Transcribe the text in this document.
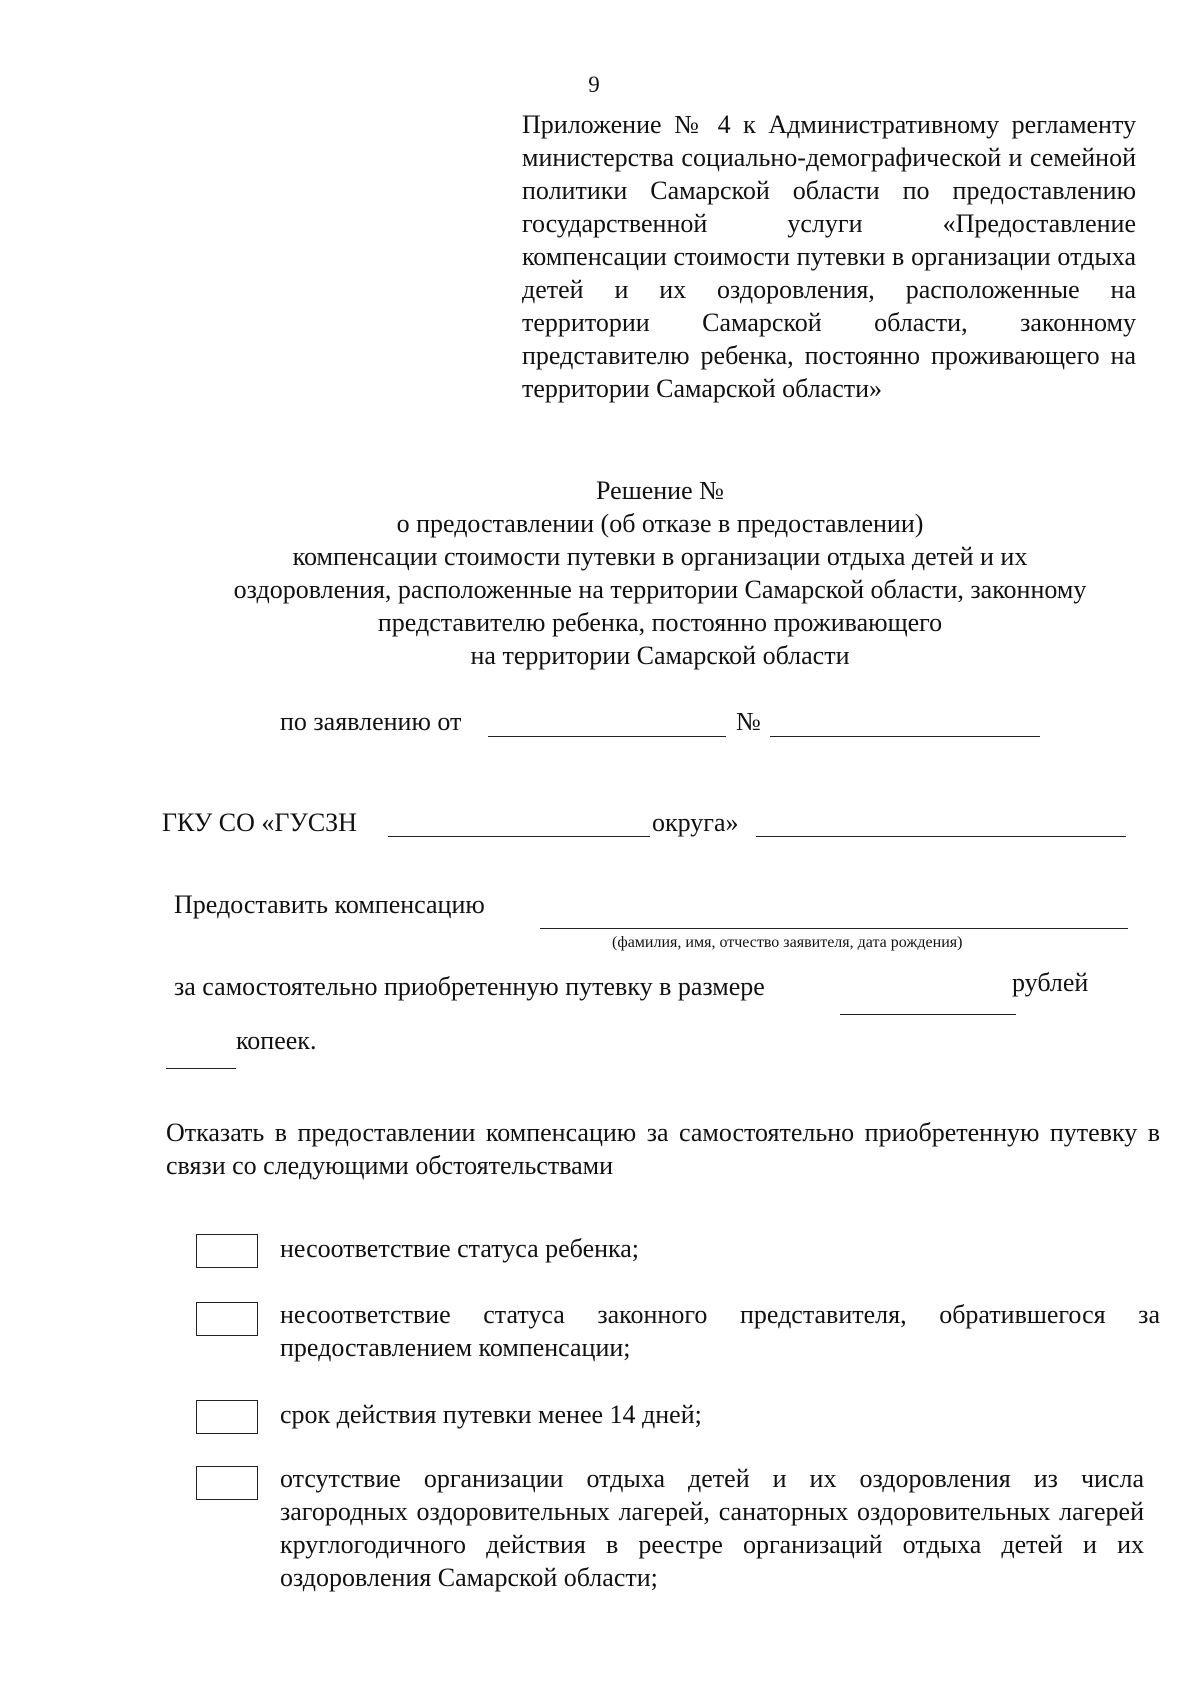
9
Приложение № 4 к Административному регламенту министерства социально-демографической и семейной политики Самарской области по предоставлению государственной услуги «Предоставление компенсации стоимости путевки в организации отдыха детей и их оздоровления, расположенные на территории Самарской области, законному представителю ребенка, постоянно проживающего на территории Самарской области»
Решение №
о предоставлении (об отказе в предоставлении)
компенсации стоимости путевки в организации отдыха детей и их
оздоровления, расположенные на территории Самарской области, законному
представителю ребенка, постоянно проживающего
на территории Самарской области
по заявлению от	№
ГКУ СО «ГУСЗН	округа»
Предоставить компенсацию
(фамилия, имя, отчество заявителя, дата рождения)
за самостоятельно приобретенную путевку в размере	рублей
копеек.
Отказать в предоставлении компенсацию за самостоятельно приобретенную путевку в связи со следующими обстоятельствами
несоответствие статуса ребенка;
несоответствие статуса законного представителя, обратившегося за предоставлением компенсации;
срок действия путевки менее 14 дней;
отсутствие организации отдыха детей и их оздоровления из числа загородных оздоровительных лагерей, санаторных оздоровительных лагерей круглогодичного действия в реестре организаций отдыха детей и их оздоровления Самарской области;
